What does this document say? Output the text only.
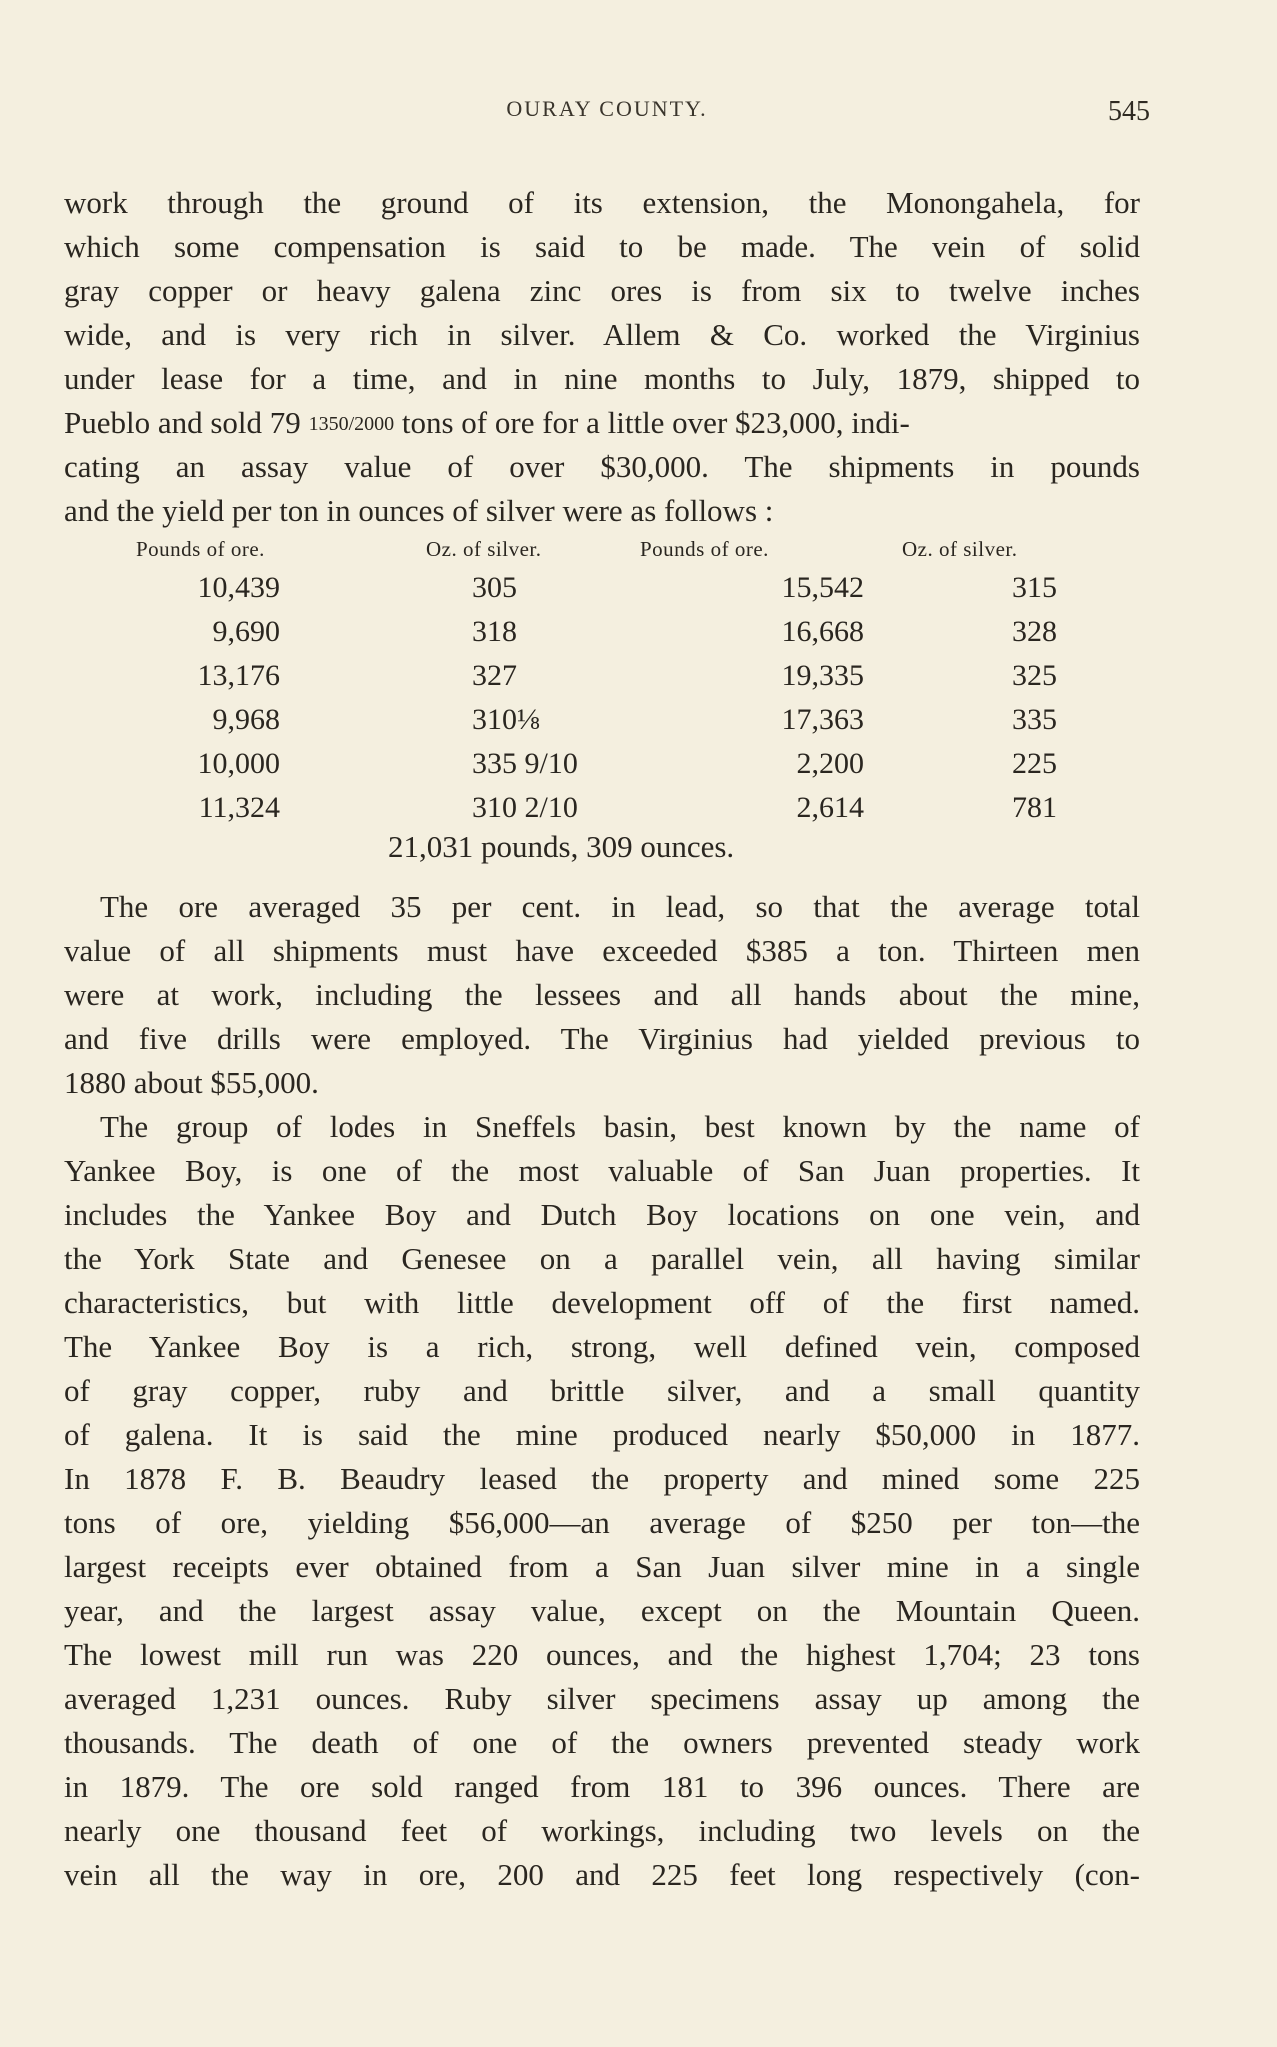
OURAY COUNTY.	545
work through the ground of its extension, the Monongahela, for
which some compensation is said to be made. The vein of solid
gray copper or heavy galena zinc ores is from six to twelve inches
wide, and is very rich in silver. Allem & Co. worked the Virginius
under lease for a time, and in nine months to July, 1879, shipped to
Pueblo and sold 79 1350/2000 tons of ore for a little over $23,000, indi-
cating an assay value of over $30,000. The shipments in pounds
and the yield per ton in ounces of silver were as follows :
Pounds of ore.	Oz. of silver.	Pounds of ore.	Oz. of silver.
10,439	305	15,542	315
9,690	318	16,668	328
13,176	327	19,335	325
9,968	310⅛	17,363	335
10,000	335 9/10	2,200	225
11,324	310 2/10	2,614	781
21,031 pounds, 309 ounces.
The ore averaged 35 per cent. in lead, so that the average total
value of all shipments must have exceeded $385 a ton. Thirteen men
were at work, including the lessees and all hands about the mine,
and five drills were employed. The Virginius had yielded previous to
1880 about $55,000.
The group of lodes in Sneffels basin, best known by the name of
Yankee Boy, is one of the most valuable of San Juan properties. It
includes the Yankee Boy and Dutch Boy locations on one vein, and
the York State and Genesee on a parallel vein, all having similar
characteristics, but with little development off of the first named.
The Yankee Boy is a rich, strong, well defined vein, composed
of gray copper, ruby and brittle silver, and a small quantity
of galena. It is said the mine produced nearly $50,000 in 1877.
In 1878 F. B. Beaudry leased the property and mined some 225
tons of ore, yielding $56,000—an average of $250 per ton—the
largest receipts ever obtained from a San Juan silver mine in a single
year, and the largest assay value, except on the Mountain Queen.
The lowest mill run was 220 ounces, and the highest 1,704; 23 tons
averaged 1,231 ounces. Ruby silver specimens assay up among the
thousands. The death of one of the owners prevented steady work
in 1879. The ore sold ranged from 181 to 396 ounces. There are
nearly one thousand feet of workings, including two levels on the
vein all the way in ore, 200 and 225 feet long respectively (con-
